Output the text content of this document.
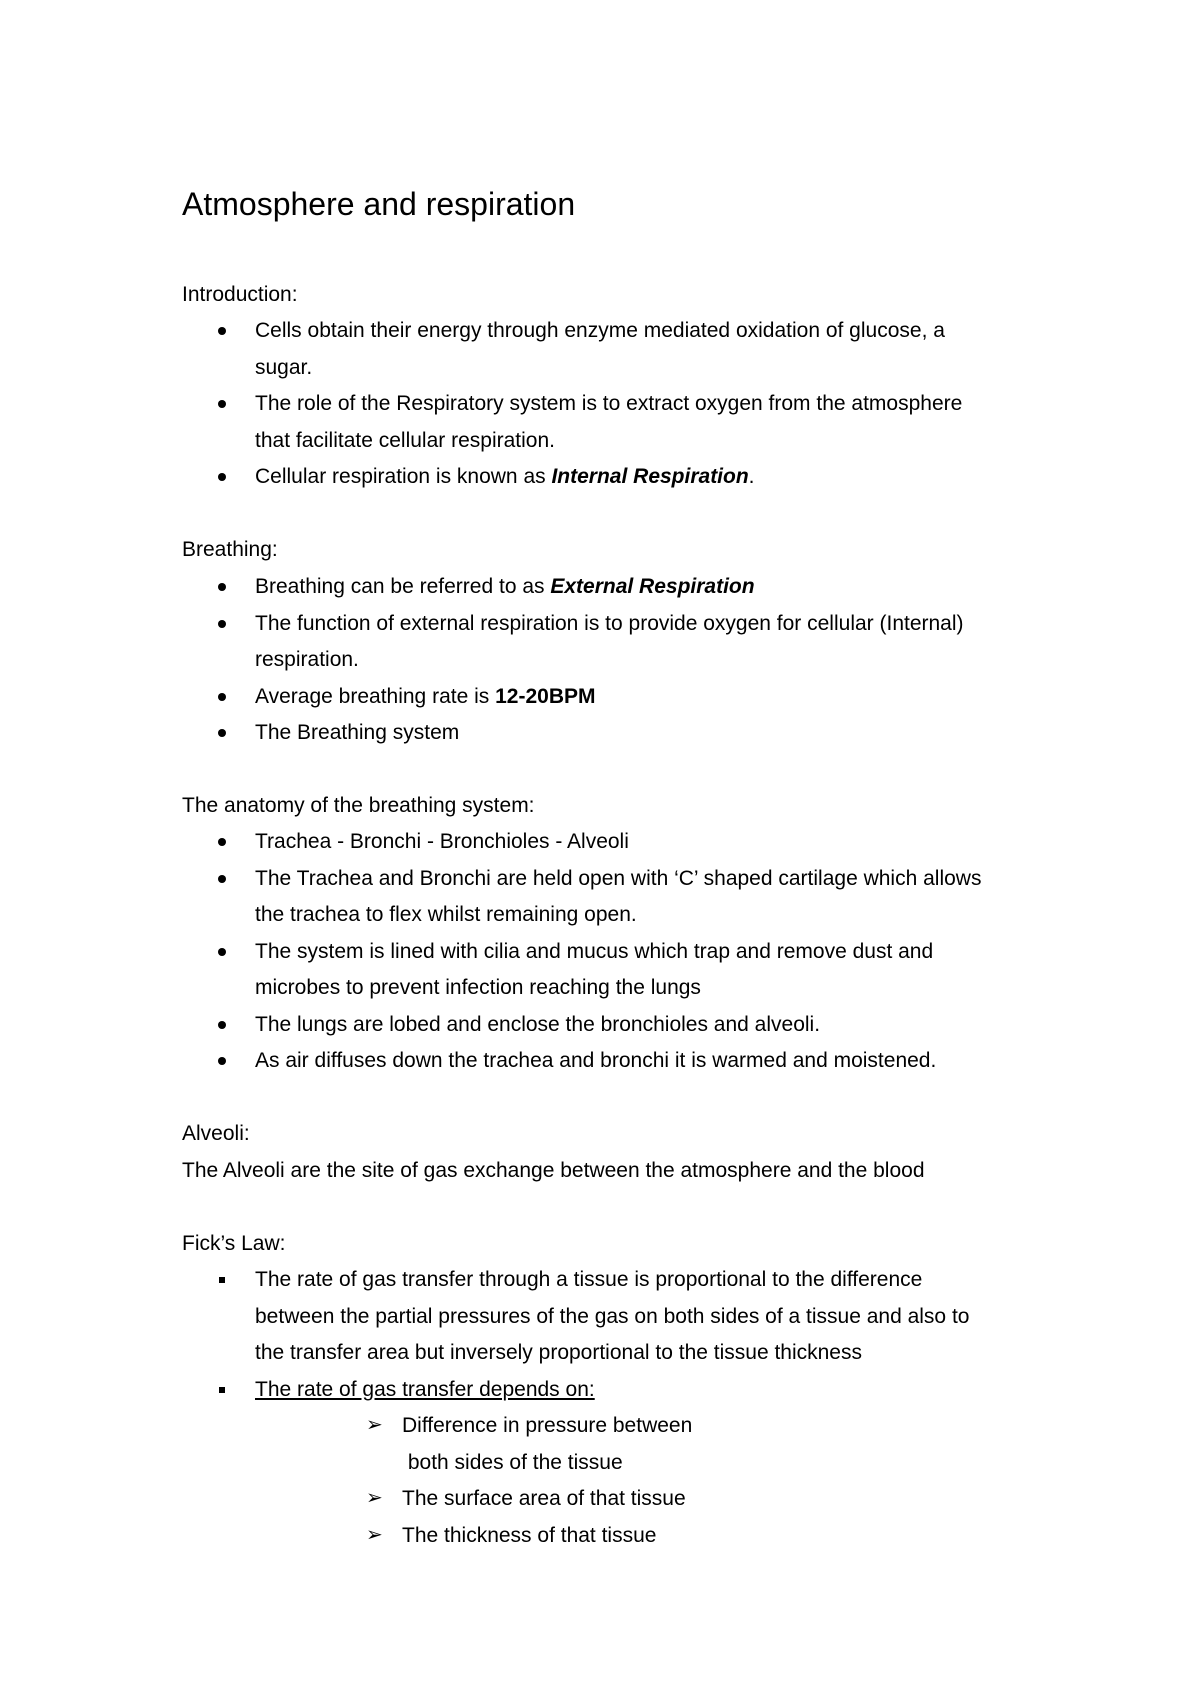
Atmosphere and respiration
Introduction:
Cells obtain their energy through enzyme mediated oxidation of glucose, a
sugar.
The role of the Respiratory system is to extract oxygen from the atmosphere
that facilitate cellular respiration.
Cellular respiration is known as Internal Respiration.
Breathing:
Breathing can be referred to as External Respiration
The function of external respiration is to provide oxygen for cellular (Internal)
respiration.
Average breathing rate is 12-20BPM
The Breathing system
The anatomy of the breathing system:
Trachea - Bronchi - Bronchioles - Alveoli
The Trachea and Bronchi are held open with ‘C’ shaped cartilage which allows
the trachea to flex whilst remaining open.
The system is lined with cilia and mucus which trap and remove dust and
microbes to prevent infection reaching the lungs
The lungs are lobed and enclose the bronchioles and alveoli.
As air diffuses down the trachea and bronchi it is warmed and moistened.
Alveoli:
The Alveoli are the site of gas exchange between the atmosphere and the blood
Fick’s Law:
The rate of gas transfer through a tissue is proportional to the difference
between the partial pressures of the gas on both sides of a tissue and also to
the transfer area but inversely proportional to the tissue thickness
The rate of gas transfer depends on:
➢ Difference in pressure between
both sides of the tissue
➢ The surface area of that tissue
➢ The thickness of that tissue
